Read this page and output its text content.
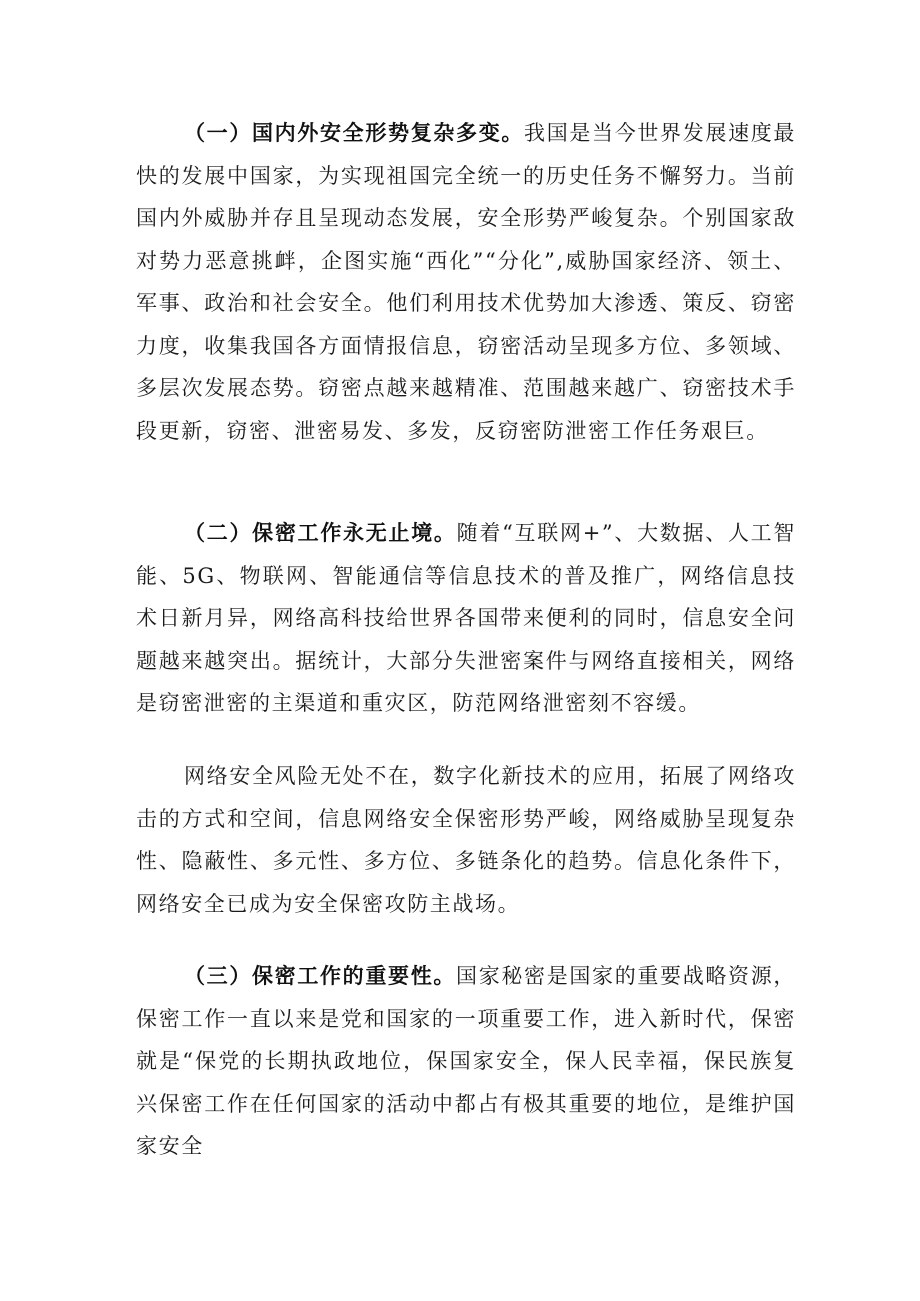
（一）国内外安全形势复杂多变。我国是当今世界发展速度最快的发展中国家，为实现祖国完全统一的历史任务不懈努力。当前国内外威胁并存且呈现动态发展，安全形势严峻复杂。个别国家敌对势力恶意挑衅，企图实施“西化”“分化”,威胁国家经济、领土、军事、政治和社会安全。他们利用技术优势加大渗透、策反、窃密力度，收集我国各方面情报信息，窃密活动呈现多方位、多领域、多层次发展态势。窃密点越来越精准、范围越来越广、窃密技术手段更新，窃密、泄密易发、多发，反窃密防泄密工作任务艰巨。

（二）保密工作永无止境。随着“互联网+”、大数据、人工智能、5G、物联网、智能通信等信息技术的普及推广，网络信息技术日新月异，网络高科技给世界各国带来便利的同时，信息安全问题越来越突出。据统计，大部分失泄密案件与网络直接相关，网络是窃密泄密的主渠道和重灾区，防范网络泄密刻不容缓。

网络安全风险无处不在，数字化新技术的应用，拓展了网络攻击的方式和空间，信息网络安全保密形势严峻，网络威胁呈现复杂性、隐蔽性、多元性、多方位、多链条化的趋势。信息化条件下，网络安全已成为安全保密攻防主战场。

（三）保密工作的重要性。国家秘密是国家的重要战略资源，保密工作一直以来是党和国家的一项重要工作，进入新时代，保密就是“保党的长期执政地位，保国家安全，保人民幸福，保民族复兴保密工作在任何国家的活动中都占有极其重要的地位，是维护国家安全
